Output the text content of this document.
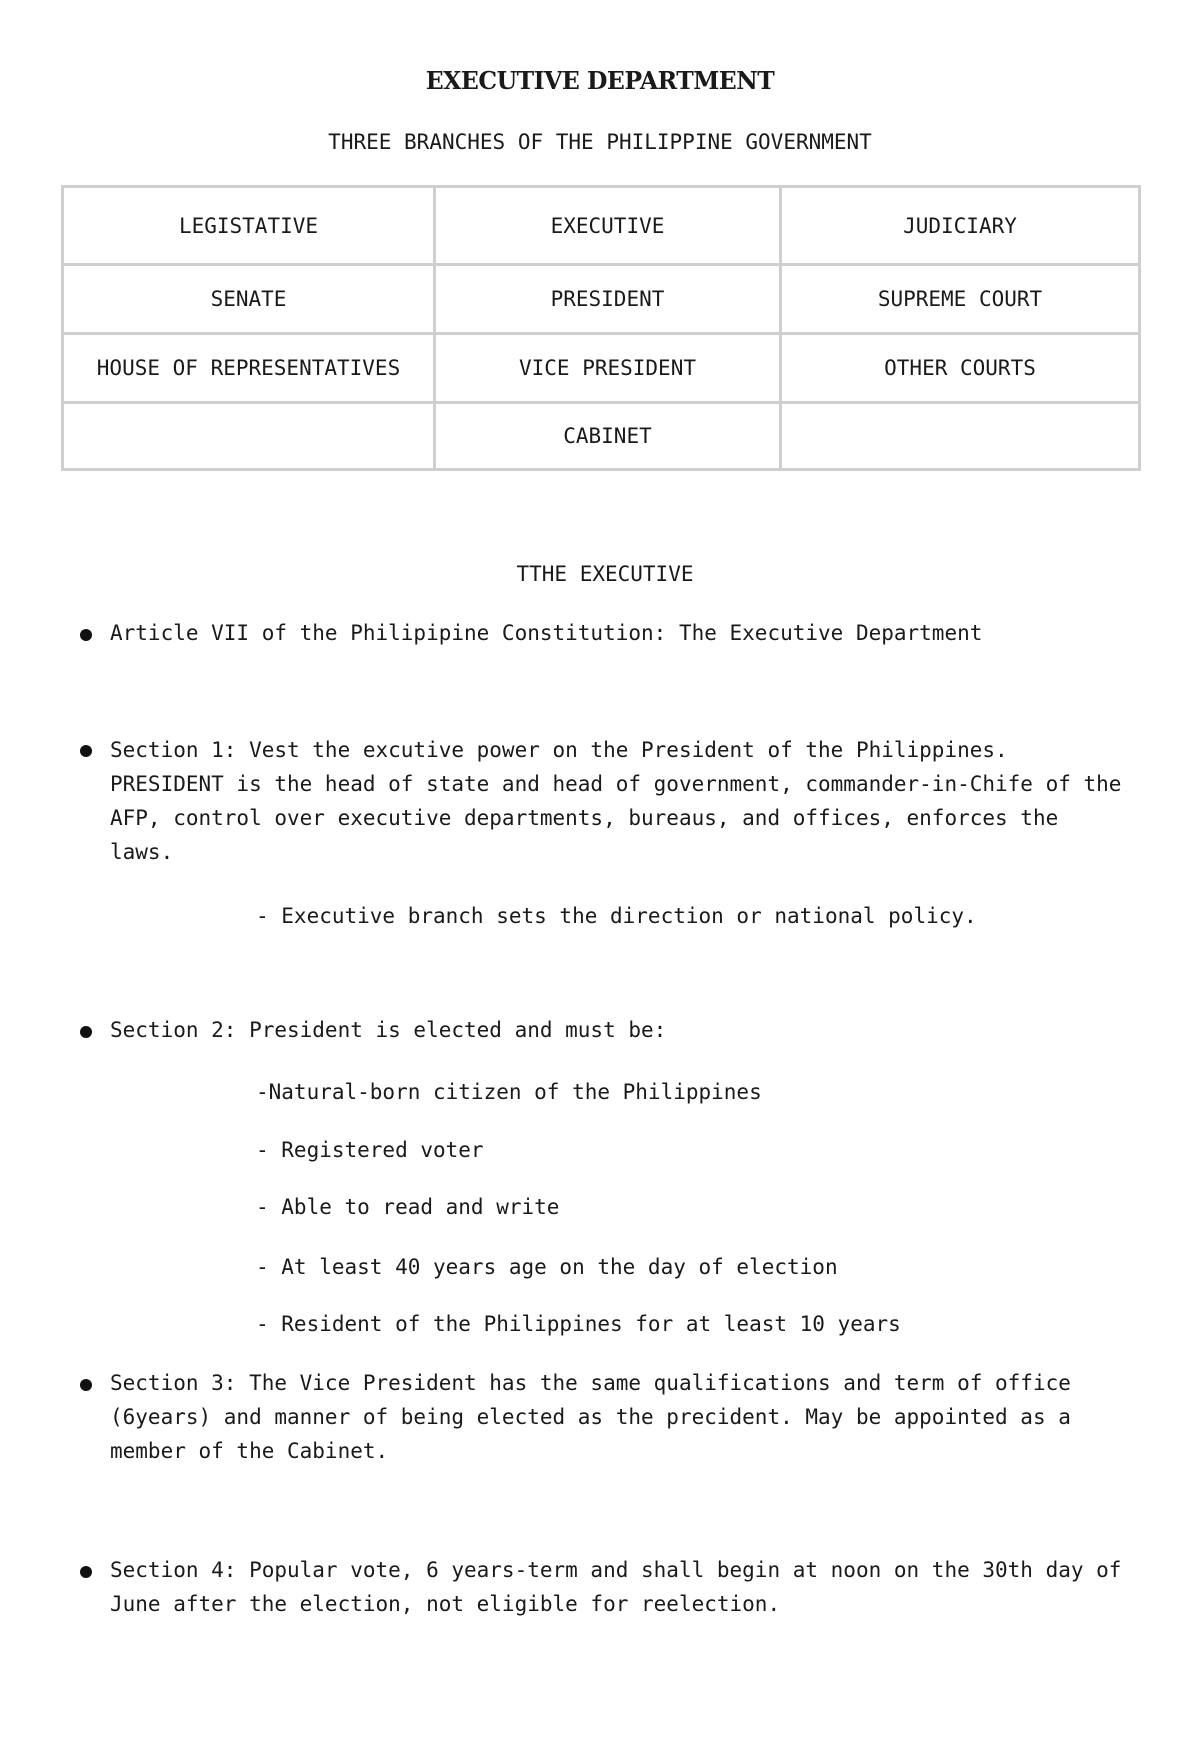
EXECUTIVE DEPARTMENT
THREE BRANCHES OF THE PHILIPPINE GOVERNMENT
LEGISTATIVE	EXECUTIVE	JUDICIARY
SENATE	PRESIDENT	SUPREME COURT
HOUSE OF REPRESENTATIVES	VICE PRESIDENT	OTHER COURTS
	CABINET	
TTHE EXECUTIVE
Article VII of the Philipipine Constitution: The Executive Department
Section 1: Vest the excutive power on the President of the Philippines. PRESIDENT is the head of state and head of government, commander-in-Chife of the AFP, control over executive departments, bureaus, and offices, enforces the laws.
- Executive branch sets the direction or national policy.
Section 2: President is elected and must be:
-Natural-born citizen of the Philippines
- Registered voter
- Able to read and write
- At least 40 years age on the day of election
- Resident of the Philippines for at least 10 years
Section 3: The Vice President has the same qualifications and term of office (6years) and manner of being elected as the precident. May be appointed as a member of the Cabinet.
Section 4: Popular vote, 6 years-term and shall begin at noon on the 30th day of June after the election, not eligible for reelection.
